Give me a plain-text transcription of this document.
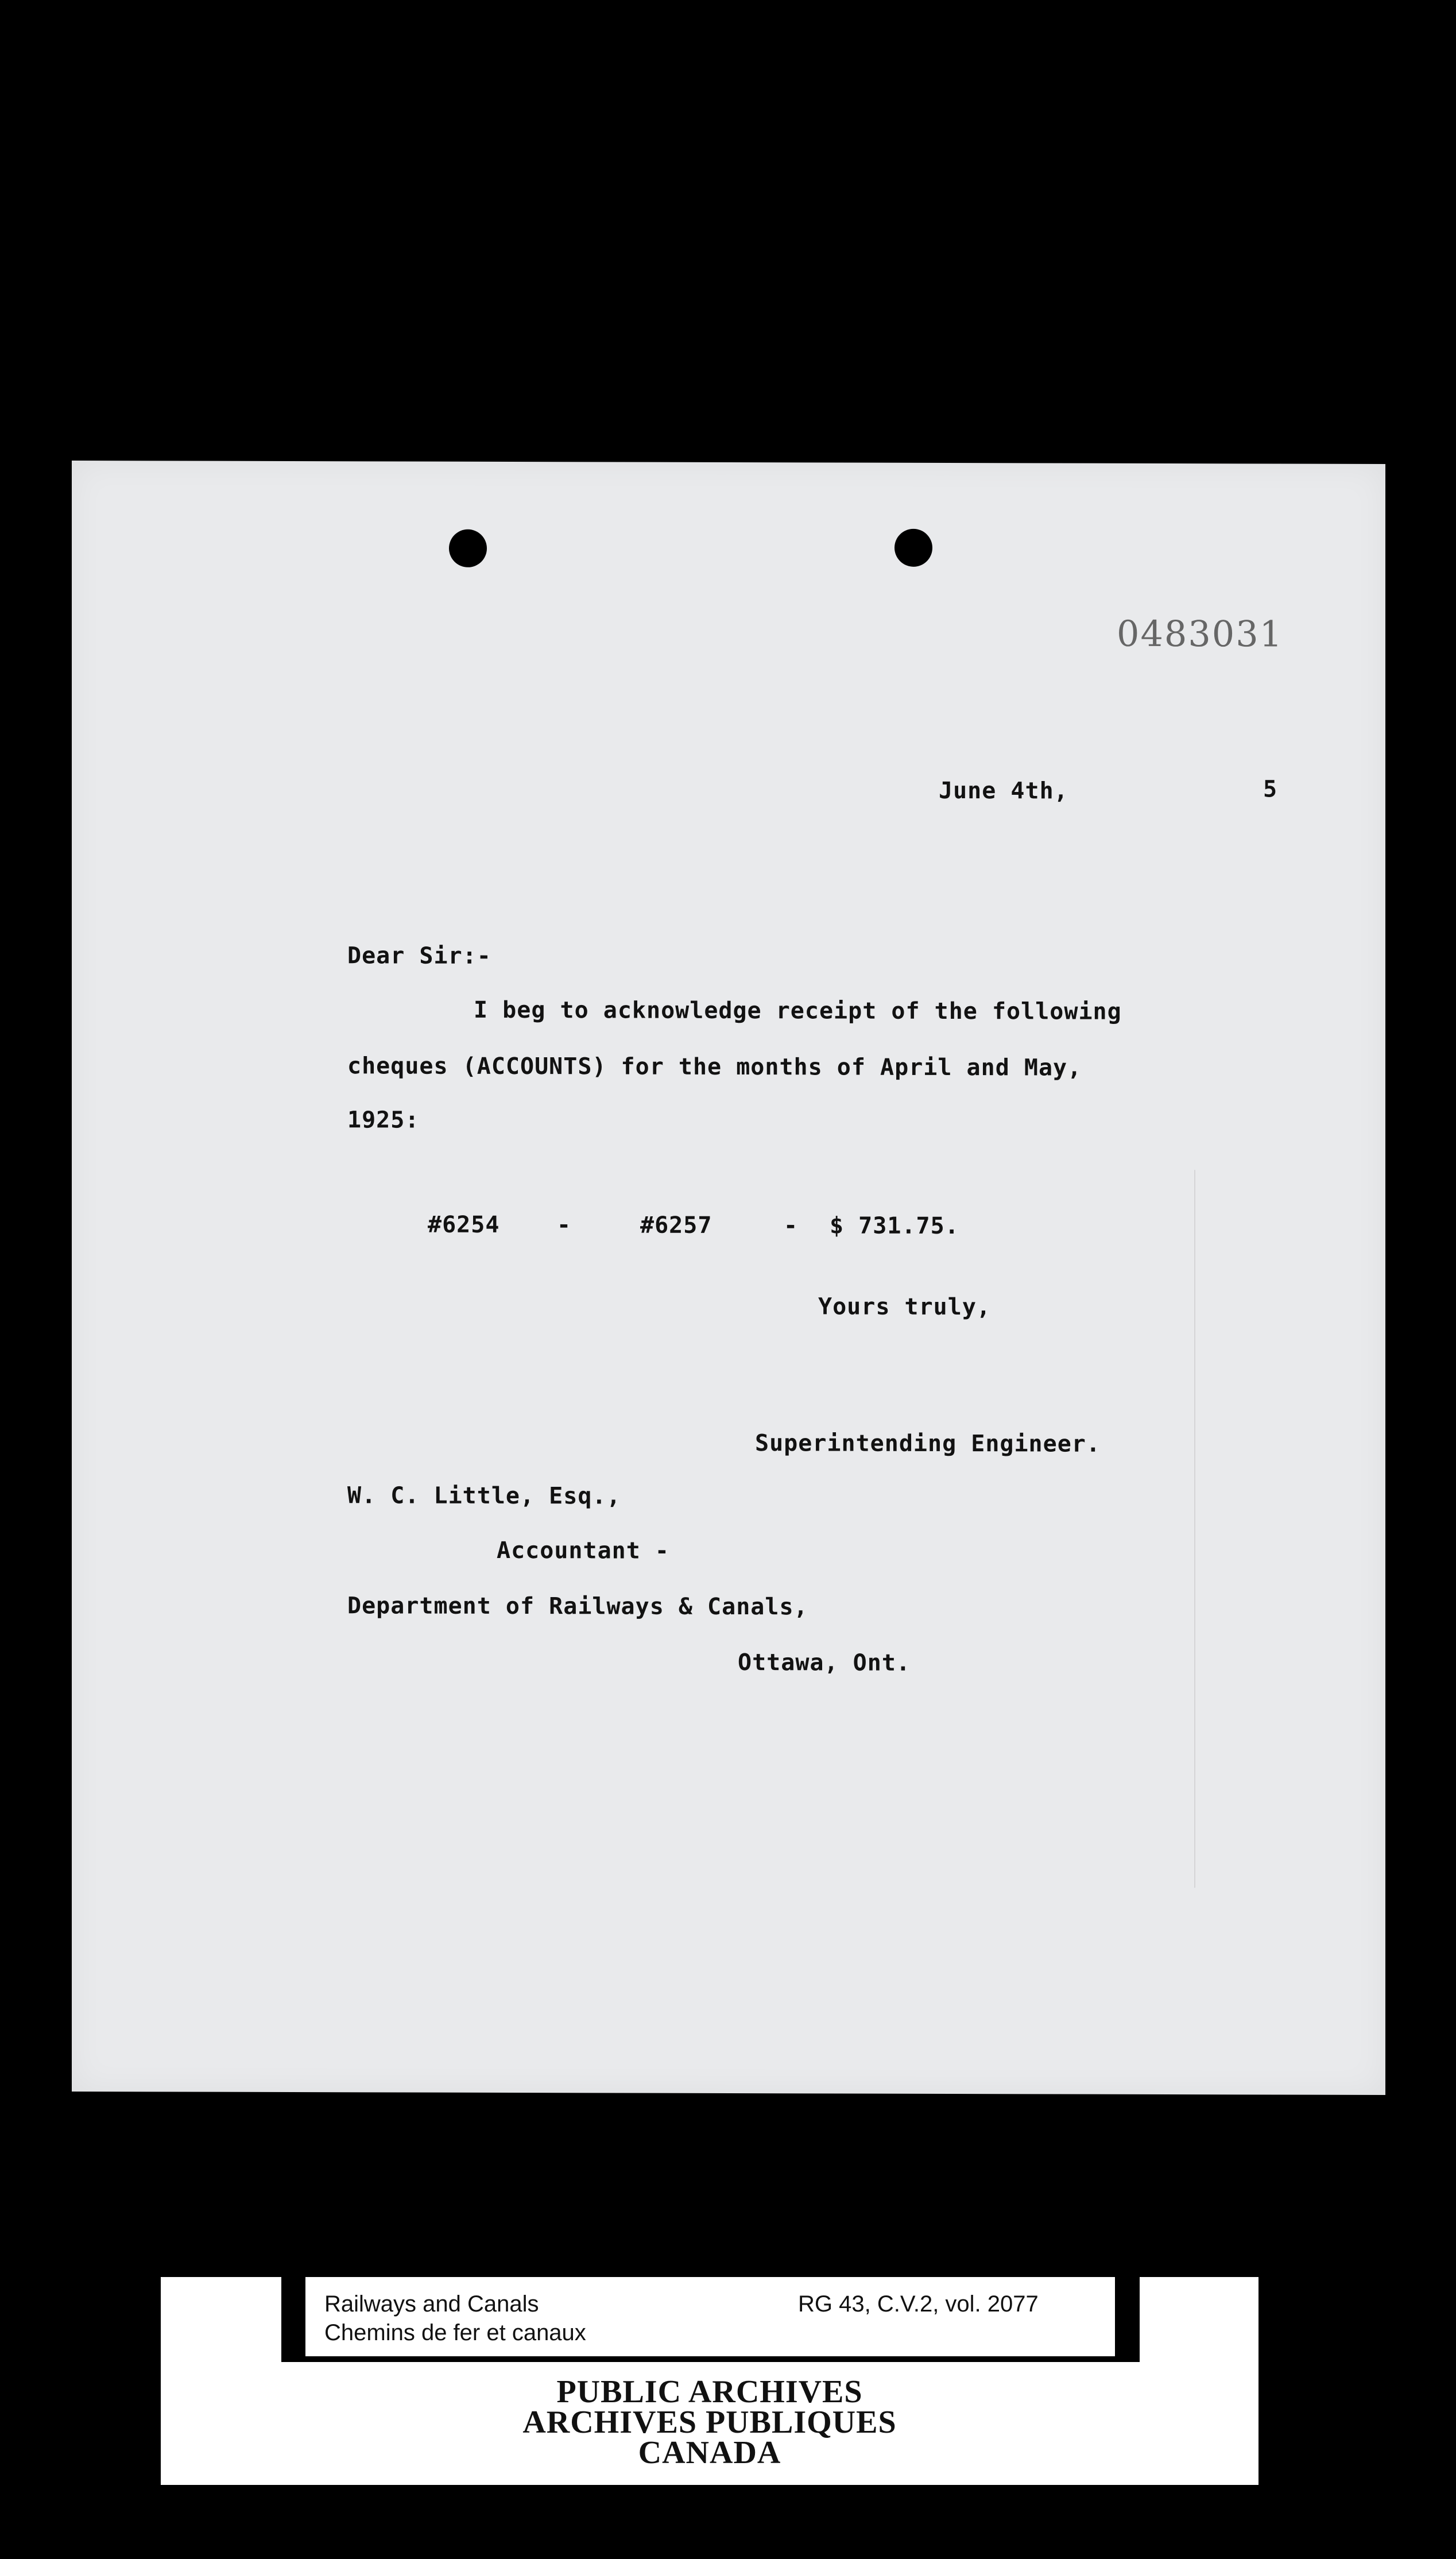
0483031
June 4th,	5
Dear Sir:-
I beg to acknowledge receipt of the following
cheques (ACCOUNTS) for the months of April and May,
1925:
#6254 -	#6257	- $ 731.75.
Yours truly,
Superintending Engineer.
W. C. Little, Esq.,
Accountant -
Department of Railways & Canals,
Ottawa, Ont.
Railways and Canals
Chemins de fer et canaux
RG 43, C.V.2, vol. 2077
PUBLIC ARCHIVES
ARCHIVES PUBLIQUES
CANADA
